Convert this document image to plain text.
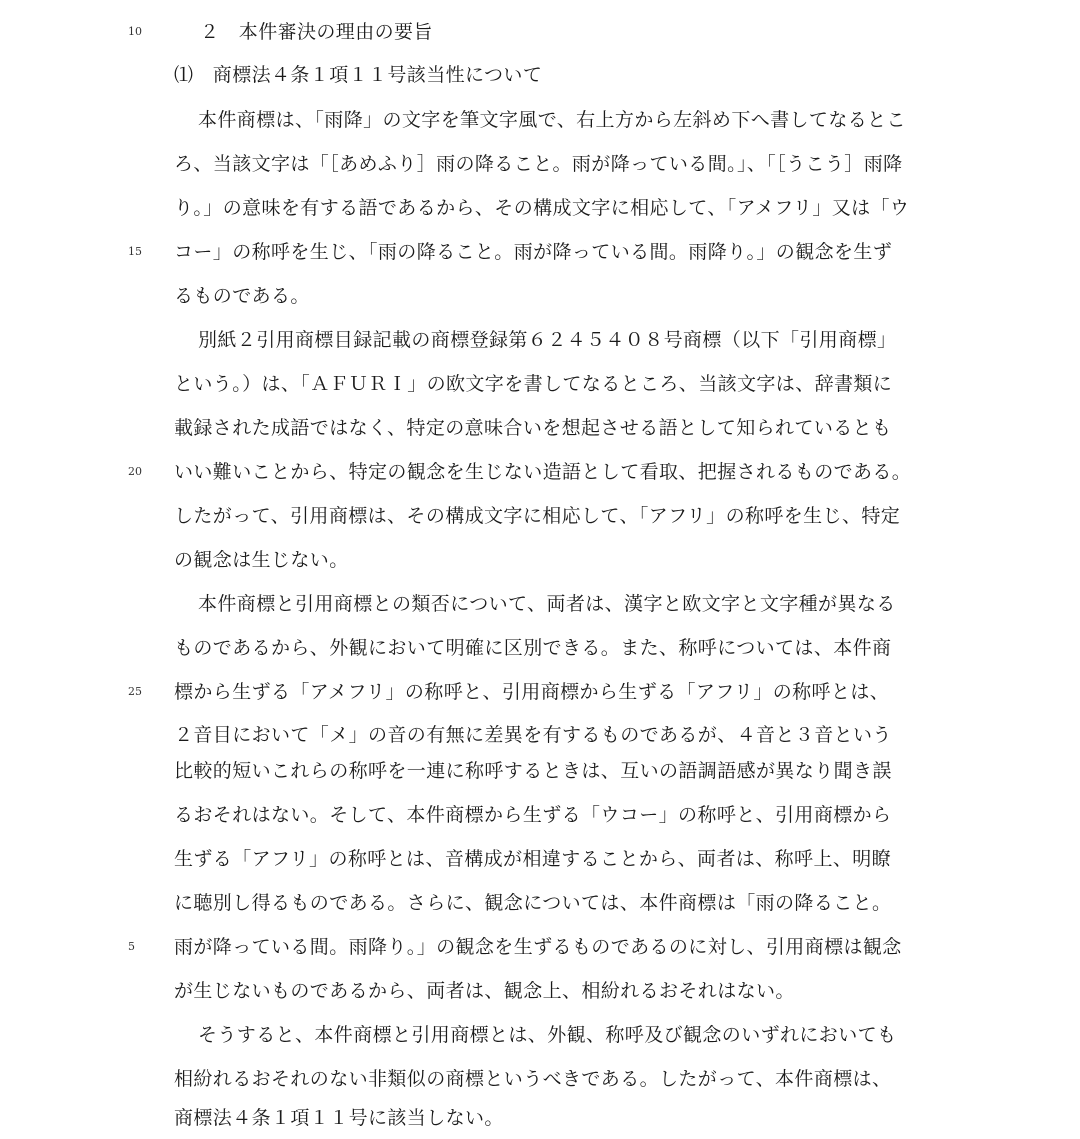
10	２　本件審決の理由の要旨
⑴　商標法４条１項１１号該当性について
本件商標は、「雨降」の文字を筆文字風で、右上方から左斜め下へ書してなるとこ
ろ、当該文字は「［あめふり］雨の降ること。雨が降っている間。」、「［うこう］雨降
り。」の意味を有する語であるから、その構成文字に相応して、「アメフリ」又は「ウ
15	コー」の称呼を生じ、「雨の降ること。雨が降っている間。雨降り。」の観念を生ず
るものである。
別紙２引用商標目録記載の商標登録第６２４５４０８号商標（以下「引用商標」
という。）は、「ＡＦＵＲＩ」の欧文字を書してなるところ、当該文字は、辞書類に
載録された成語ではなく、特定の意味合いを想起させる語として知られているとも
20	いい難いことから、特定の観念を生じない造語として看取、把握されるものである。
したがって、引用商標は、その構成文字に相応して、「アフリ」の称呼を生じ、特定
の観念は生じない。
本件商標と引用商標との類否について、両者は、漢字と欧文字と文字種が異なる
ものであるから、外観において明確に区別できる。また、称呼については、本件商
25	標から生ずる「アメフリ」の称呼と、引用商標から生ずる「アフリ」の称呼とは、
２音目において「メ」の音の有無に差異を有するものであるが、４音と３音という
比較的短いこれらの称呼を一連に称呼するときは、互いの語調語感が異なり聞き誤
るおそれはない。そして、本件商標から生ずる「ウコー」の称呼と、引用商標から
生ずる「アフリ」の称呼とは、音構成が相違することから、両者は、称呼上、明瞭
に聴別し得るものである。さらに、観念については、本件商標は「雨の降ること。
5	雨が降っている間。雨降り。」の観念を生ずるものであるのに対し、引用商標は観念
が生じないものであるから、両者は、観念上、相紛れるおそれはない。
そうすると、本件商標と引用商標とは、外観、称呼及び観念のいずれにおいても
相紛れるおそれのない非類似の商標というべきである。したがって、本件商標は、
商標法４条１項１１号に該当しない。
